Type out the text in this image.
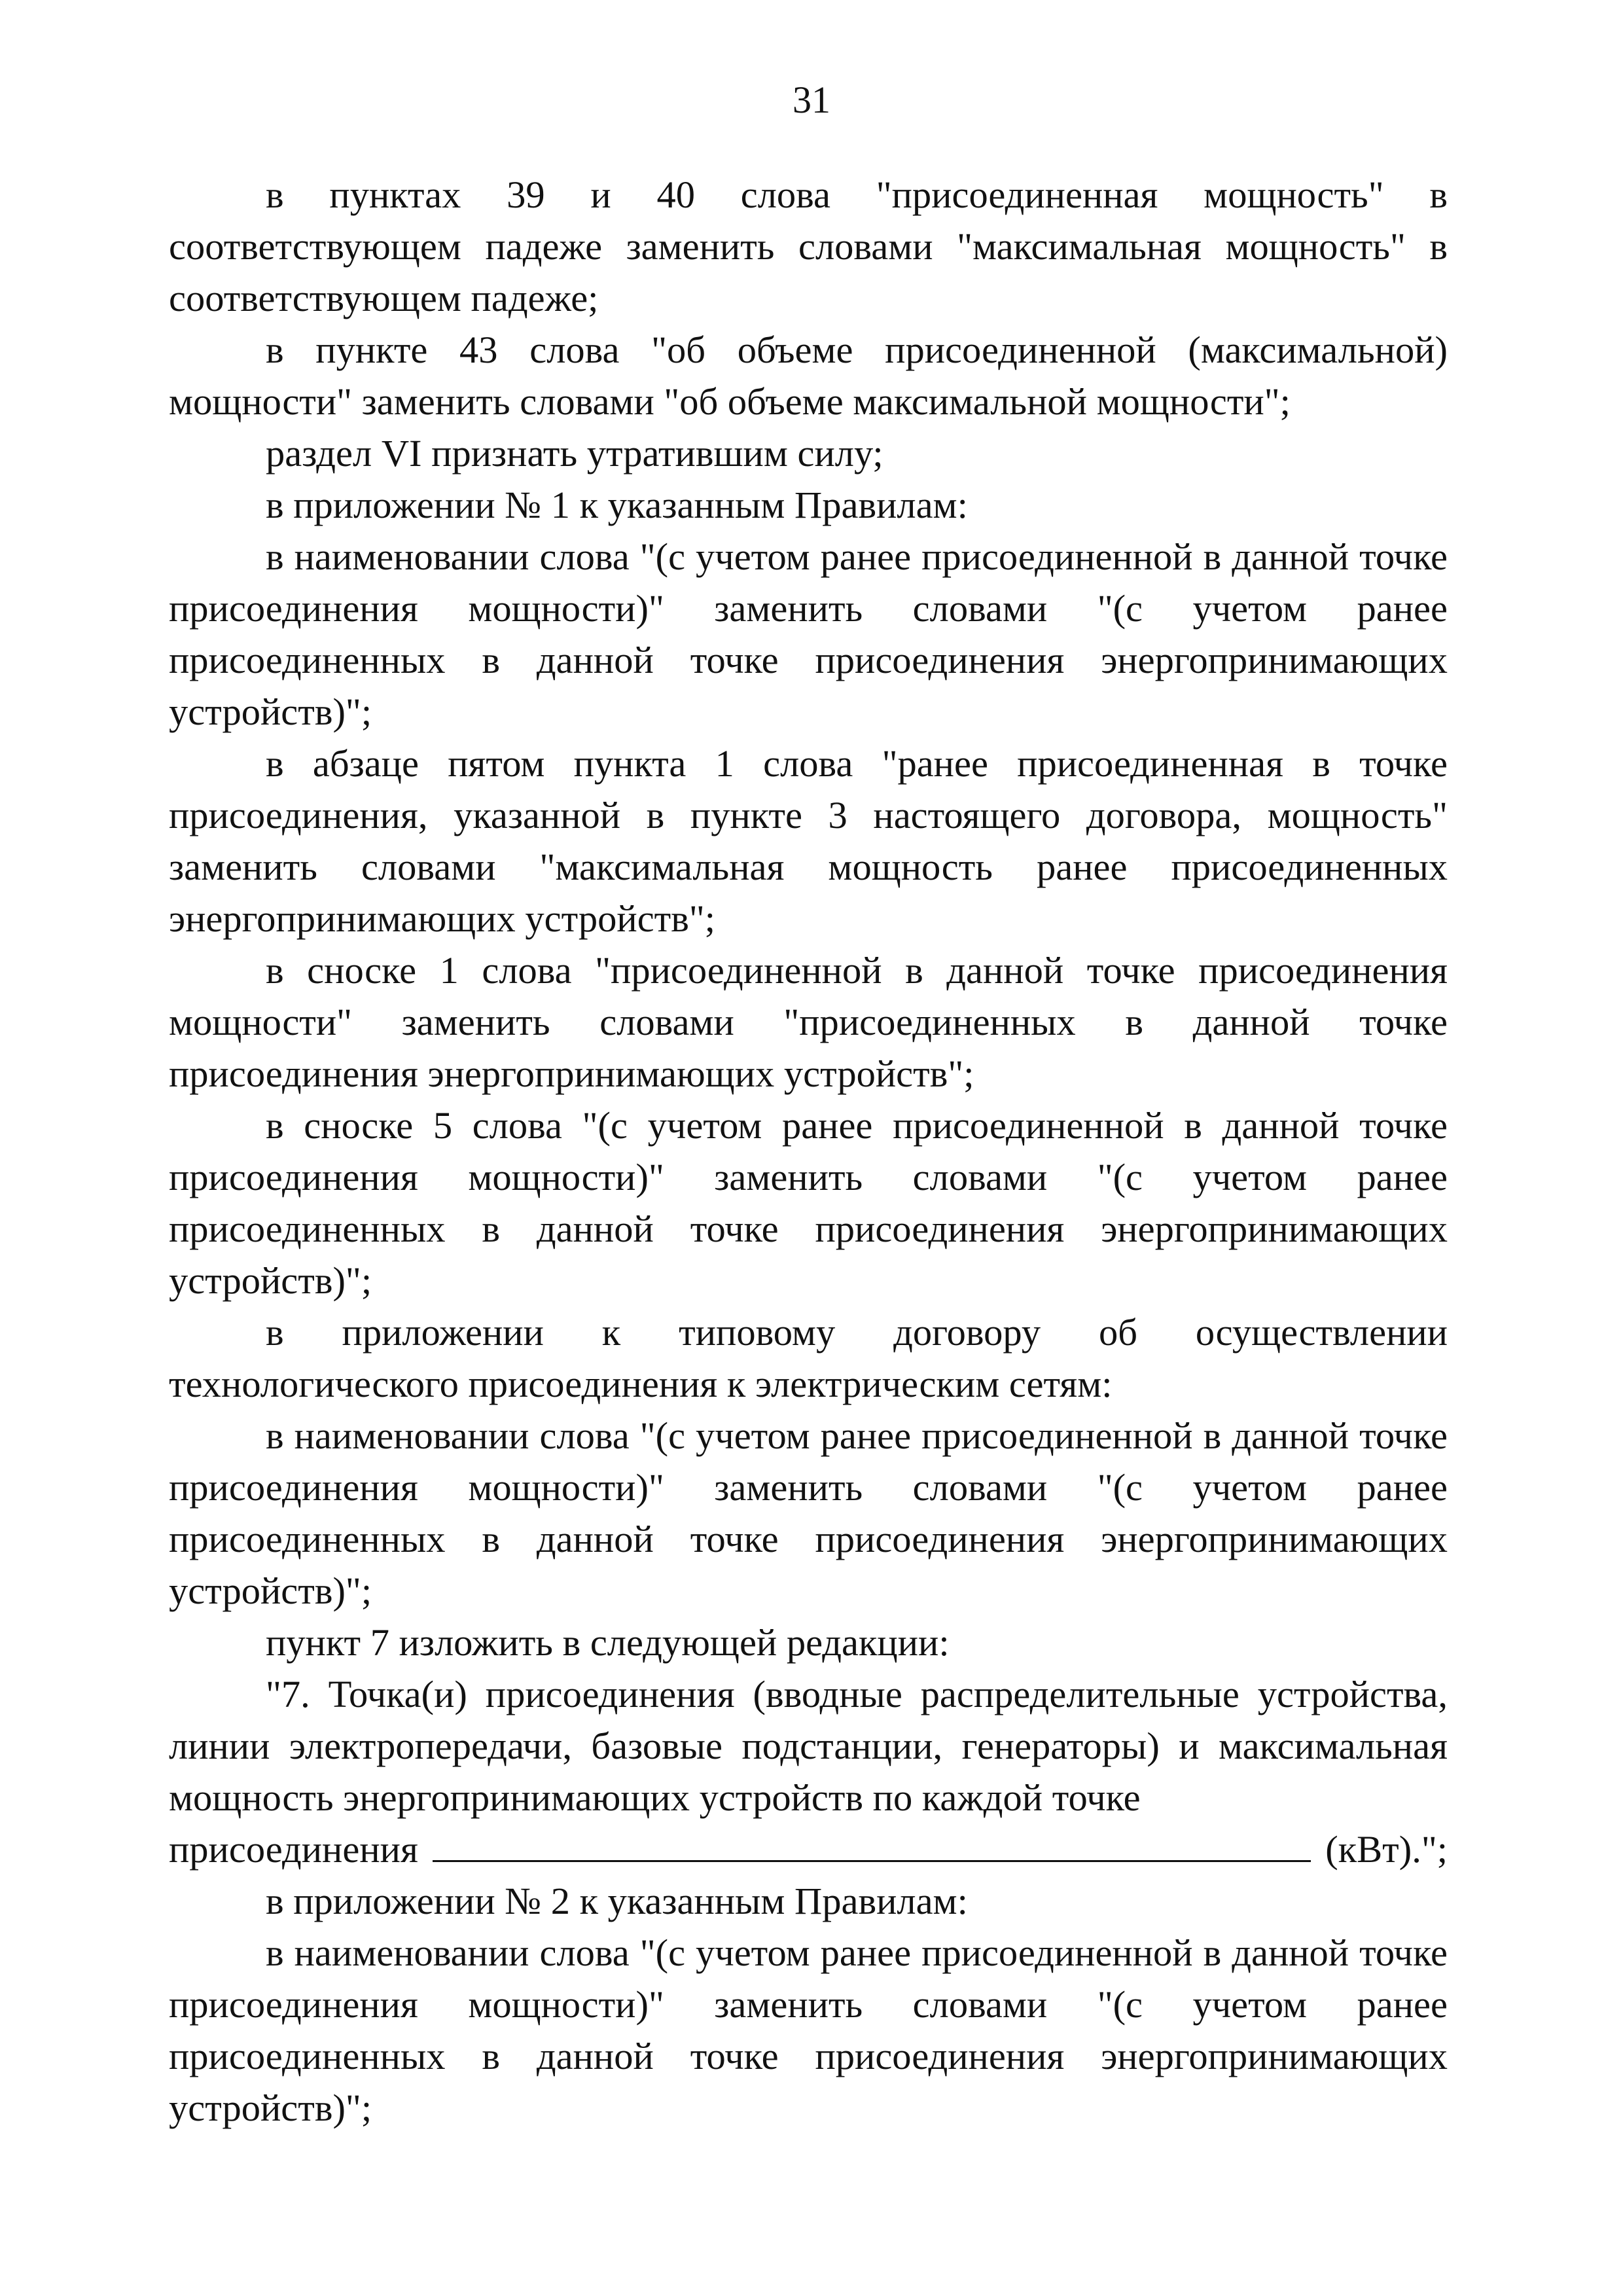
31

в пунктах 39 и 40 слова "присоединенная мощность" в соответствующем падеже заменить словами "максимальная мощность" в соответствующем падеже;

в пункте 43 слова "об объеме присоединенной (максимальной) мощности" заменить словами "об объеме максимальной мощности";

раздел VI признать утратившим силу;

в приложении № 1 к указанным Правилам:

в наименовании слова "(с учетом ранее присоединенной в данной точке присоединения мощности)" заменить словами "(с учетом ранее присоединенных в данной точке присоединения энергопринимающих устройств)";

в абзаце пятом пункта 1 слова "ранее присоединенная в точке присоединения, указанной в пункте 3 настоящего договора, мощность" заменить словами "максимальная мощность ранее присоединенных энергопринимающих устройств";

в сноске 1 слова "присоединенной в данной точке присоединения мощности" заменить словами "присоединенных в данной точке присоединения энергопринимающих устройств";

в сноске 5 слова "(с учетом ранее присоединенной в данной точке присоединения мощности)" заменить словами "(с учетом ранее присоединенных в данной точке присоединения энергопринимающих устройств)";

в приложении к типовому договору об осуществлении технологического присоединения к электрическим сетям:

в наименовании слова "(с учетом ранее присоединенной в данной точке присоединения мощности)" заменить словами "(с учетом ранее присоединенных в данной точке присоединения энергопринимающих устройств)";

пункт 7 изложить в следующей редакции:

"7. Точка(и) присоединения (вводные распределительные устройства, линии электропередачи, базовые подстанции, генераторы) и максимальная мощность энергопринимающих устройств по каждой точке

присоединения	(кВт).";

в приложении № 2 к указанным Правилам:

в наименовании слова "(с учетом ранее присоединенной в данной точке присоединения мощности)" заменить словами "(с учетом ранее присоединенных в данной точке присоединения энергопринимающих устройств)";
